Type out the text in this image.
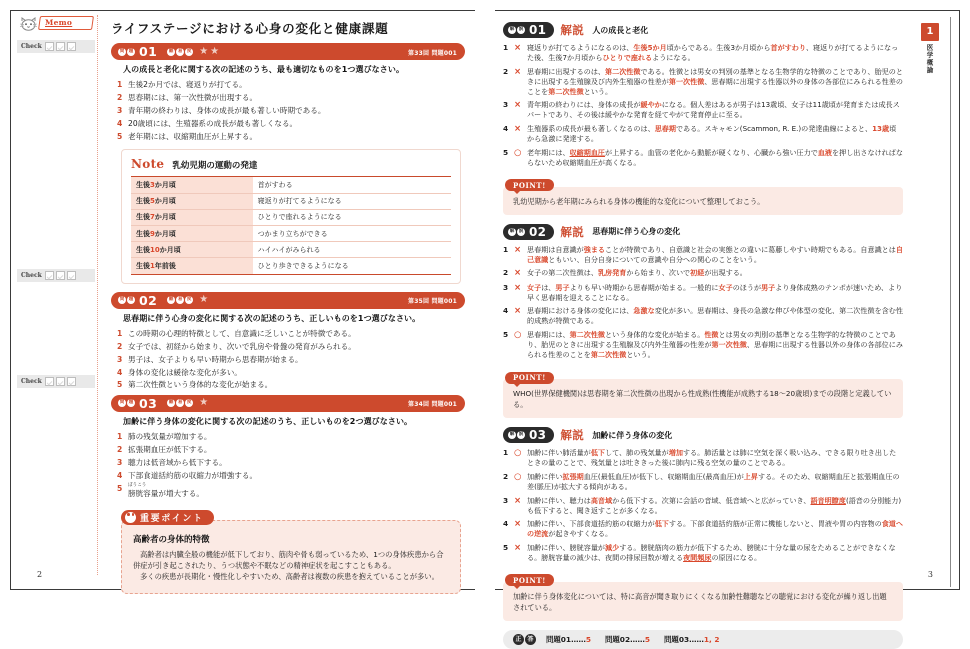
Memo
Check
ライフステージにおける心身の変化と健康課題
問 題 01	難 易 度 ★ ★	第33回 問題001
人の成長と老化に関する次の記述のうち、最も適切なものを1つ選びなさい。
1 生後2か月では、寝返りが打てる。
2 思春期には、第一次性徴が出現する。
3 青年期の終わりは、身体の成長が最も著しい時期である。
4 20歳頃には、生殖器系の成長が最も著しくなる。
5 老年期には、収縮期血圧が上昇する。
Note 乳幼児期の運動の発達
生後3か月頃	首がすわる
生後5か月頃	寝返りが打てるようになる
生後7か月頃	ひとりで座れるようになる
生後9か月頃	つかまり立ちができる
生後10か月頃	ハイハイがみられる
生後1年前後	ひとり歩きできるようになる
Check
問 題 02	難 易 度 ★	第35回 問題001
思春期に伴う心身の変化に関する次の記述のうち、正しいものを1つ選びなさい。
1 この時期の心理的特徴として、自意識に乏しいことが特徴である。
2 女子では、初経から始まり、次いで乳房や骨盤の発育がみられる。
3 男子は、女子よりも早い時期から思春期が始まる。
4 身体の変化は緩徐な変化が多い。
5 第二次性徴という身体的な変化が始まる。
Check
問 題 03	難 易 度 ★	第34回 問題001
加齢に伴う身体の変化に関する次の記述のうち、正しいものを2つ選びなさい。
1 肺の残気量が増加する。
2 拡張期血圧が低下する。
3 聴力は低音域から低下する。
4 下部食道括約筋の収縮力が増強する。
5	ぼうこう
膀胱容量が増大する。
重要ポイント
高齢者の身体的特徴
高齢者は内臓全般の機能が低下しており、筋肉や骨も弱っているため、1つの身体疾患から合併症が引き起こされたり、うつ状態や不眠などの精神症状を起こすこともある。
多くの疾患が長期化・慢性化しやすいため、高齢者は複数の疾患を抱えていることが多い。
2
1
医学概論
解 説 01 解説 人の成長と老化
1 × 寝返りが打てるようになるのは、生後5か月頃からである。生後3か月頃から首がすわり、寝返りが打てるようになった後、生後7か月頃からひとりで座れるようになる。
2 × 思春期に出現するのは、第二次性徴である。性徴とは男女の判別の基準となる生物学的な特徴のことであり、胎児のときに出現する生殖腺及び内外生殖器の性差が第一次性徴、思春期に出現する性器以外の身体の各部位にみられる性差のことを第二次性徴という。
3 × 青年期の終わりには、身体の成長が緩やかになる。個人差はあるが男子は13歳頃、女子は11歳頃が発育または成長スパートであり、その後は緩やかな発育を経てやがて発育停止に至る。
4 × 生殖器系の成長が最も著しくなるのは、思春期である。スキャモン(Scammon, R. E.)の発達曲線によると、13歳頃から急激に発達する。
5 ○ 老年期には、収縮期血圧が上昇する。血管の老化から動脈が硬くなり、心臓から強い圧力で血液を押し出さなければならないため収縮期血圧が高くなる。
POINT!
乳幼児期から老年期にみられる身体の機能的な変化について整理しておこう。
解 説 02 解説 思春期に伴う心身の変化
1 × 思春期は自意識が強まることが特徴であり、自意識と社会の実態との違いに葛藤しやすい時期でもある。自意識とは自己意識ともいい、自分自身についての意識や自分への関心のことをいう。
2 × 女子の第二次性徴は、乳房発育から始まり、次いで初経が出現する。
3 × 女子は、男子よりも早い時期から思春期が始まる。一般的に女子のほうが男子より身体成熟のテンポが速いため、より早く思春期を迎えることになる。
4 × 思春期における身体の変化には、急激な変化が多い。思春期は、身長の急激な伸びや体型の変化、第二次性徴を含む性的成熟が特徴である。
5 ○ 思春期には、第二次性徴という身体的な変化が始まる。性徴とは男女の判別の基準となる生物学的な特徴のことであり、胎児のときに出現する生殖腺及び内外生殖器の性差が第一次性徴、思春期に出現する性器以外の身体の各部位にみられる性差のことを第二次性徴という。
POINT!
WHO(世界保健機関)は思春期を第二次性徴の出現から性成熟(性機能が成熟する18〜20歳頃)までの段階と定義している。
解 説 03 解説 加齢に伴う身体の変化
1 ○ 加齢に伴い肺活量が低下して、肺の残気量が増加する。肺活量とは肺に空気を深く吸い込み、できる限り吐き出したときの量のことで、残気量とは吐ききった後に肺内に残る空気の量のことである。
2 ○ 加齢に伴い拡張期血圧(最低血圧)が低下し、収縮期血圧(最高血圧)が上昇する。そのため、収縮期血圧と拡張期血圧の差(脈圧)が拡大する傾向がある。
3 × 加齢に伴い、聴力は高音域から低下する。次第に会話の音域、低音域へと広がっていき、語音明瞭度(語音の分別能力)も低下すると、聞き返すことが多くなる。
4 × 加齢に伴い、下部食道括約筋の収縮力が低下する。下部食道括約筋が正常に機能しないと、胃液や胃の内容物の食道への逆流が起きやすくなる。
5 × 加齢に伴い、膀胱容量が減少する。膀胱筋肉の筋力が低下するため、膀胱に十分な量の尿をためることができなくなる。膀胱容量の減少は、夜間の排尿回数が増える夜間頻尿の原因になる。
POINT!
加齢に伴う身体変化については、特に高音が聞き取りにくくなる加齢性難聴などの聴覚における変化が繰り返し出題されている。
正 答	問題01……5 問題02……5 問題03……1, 2
3
